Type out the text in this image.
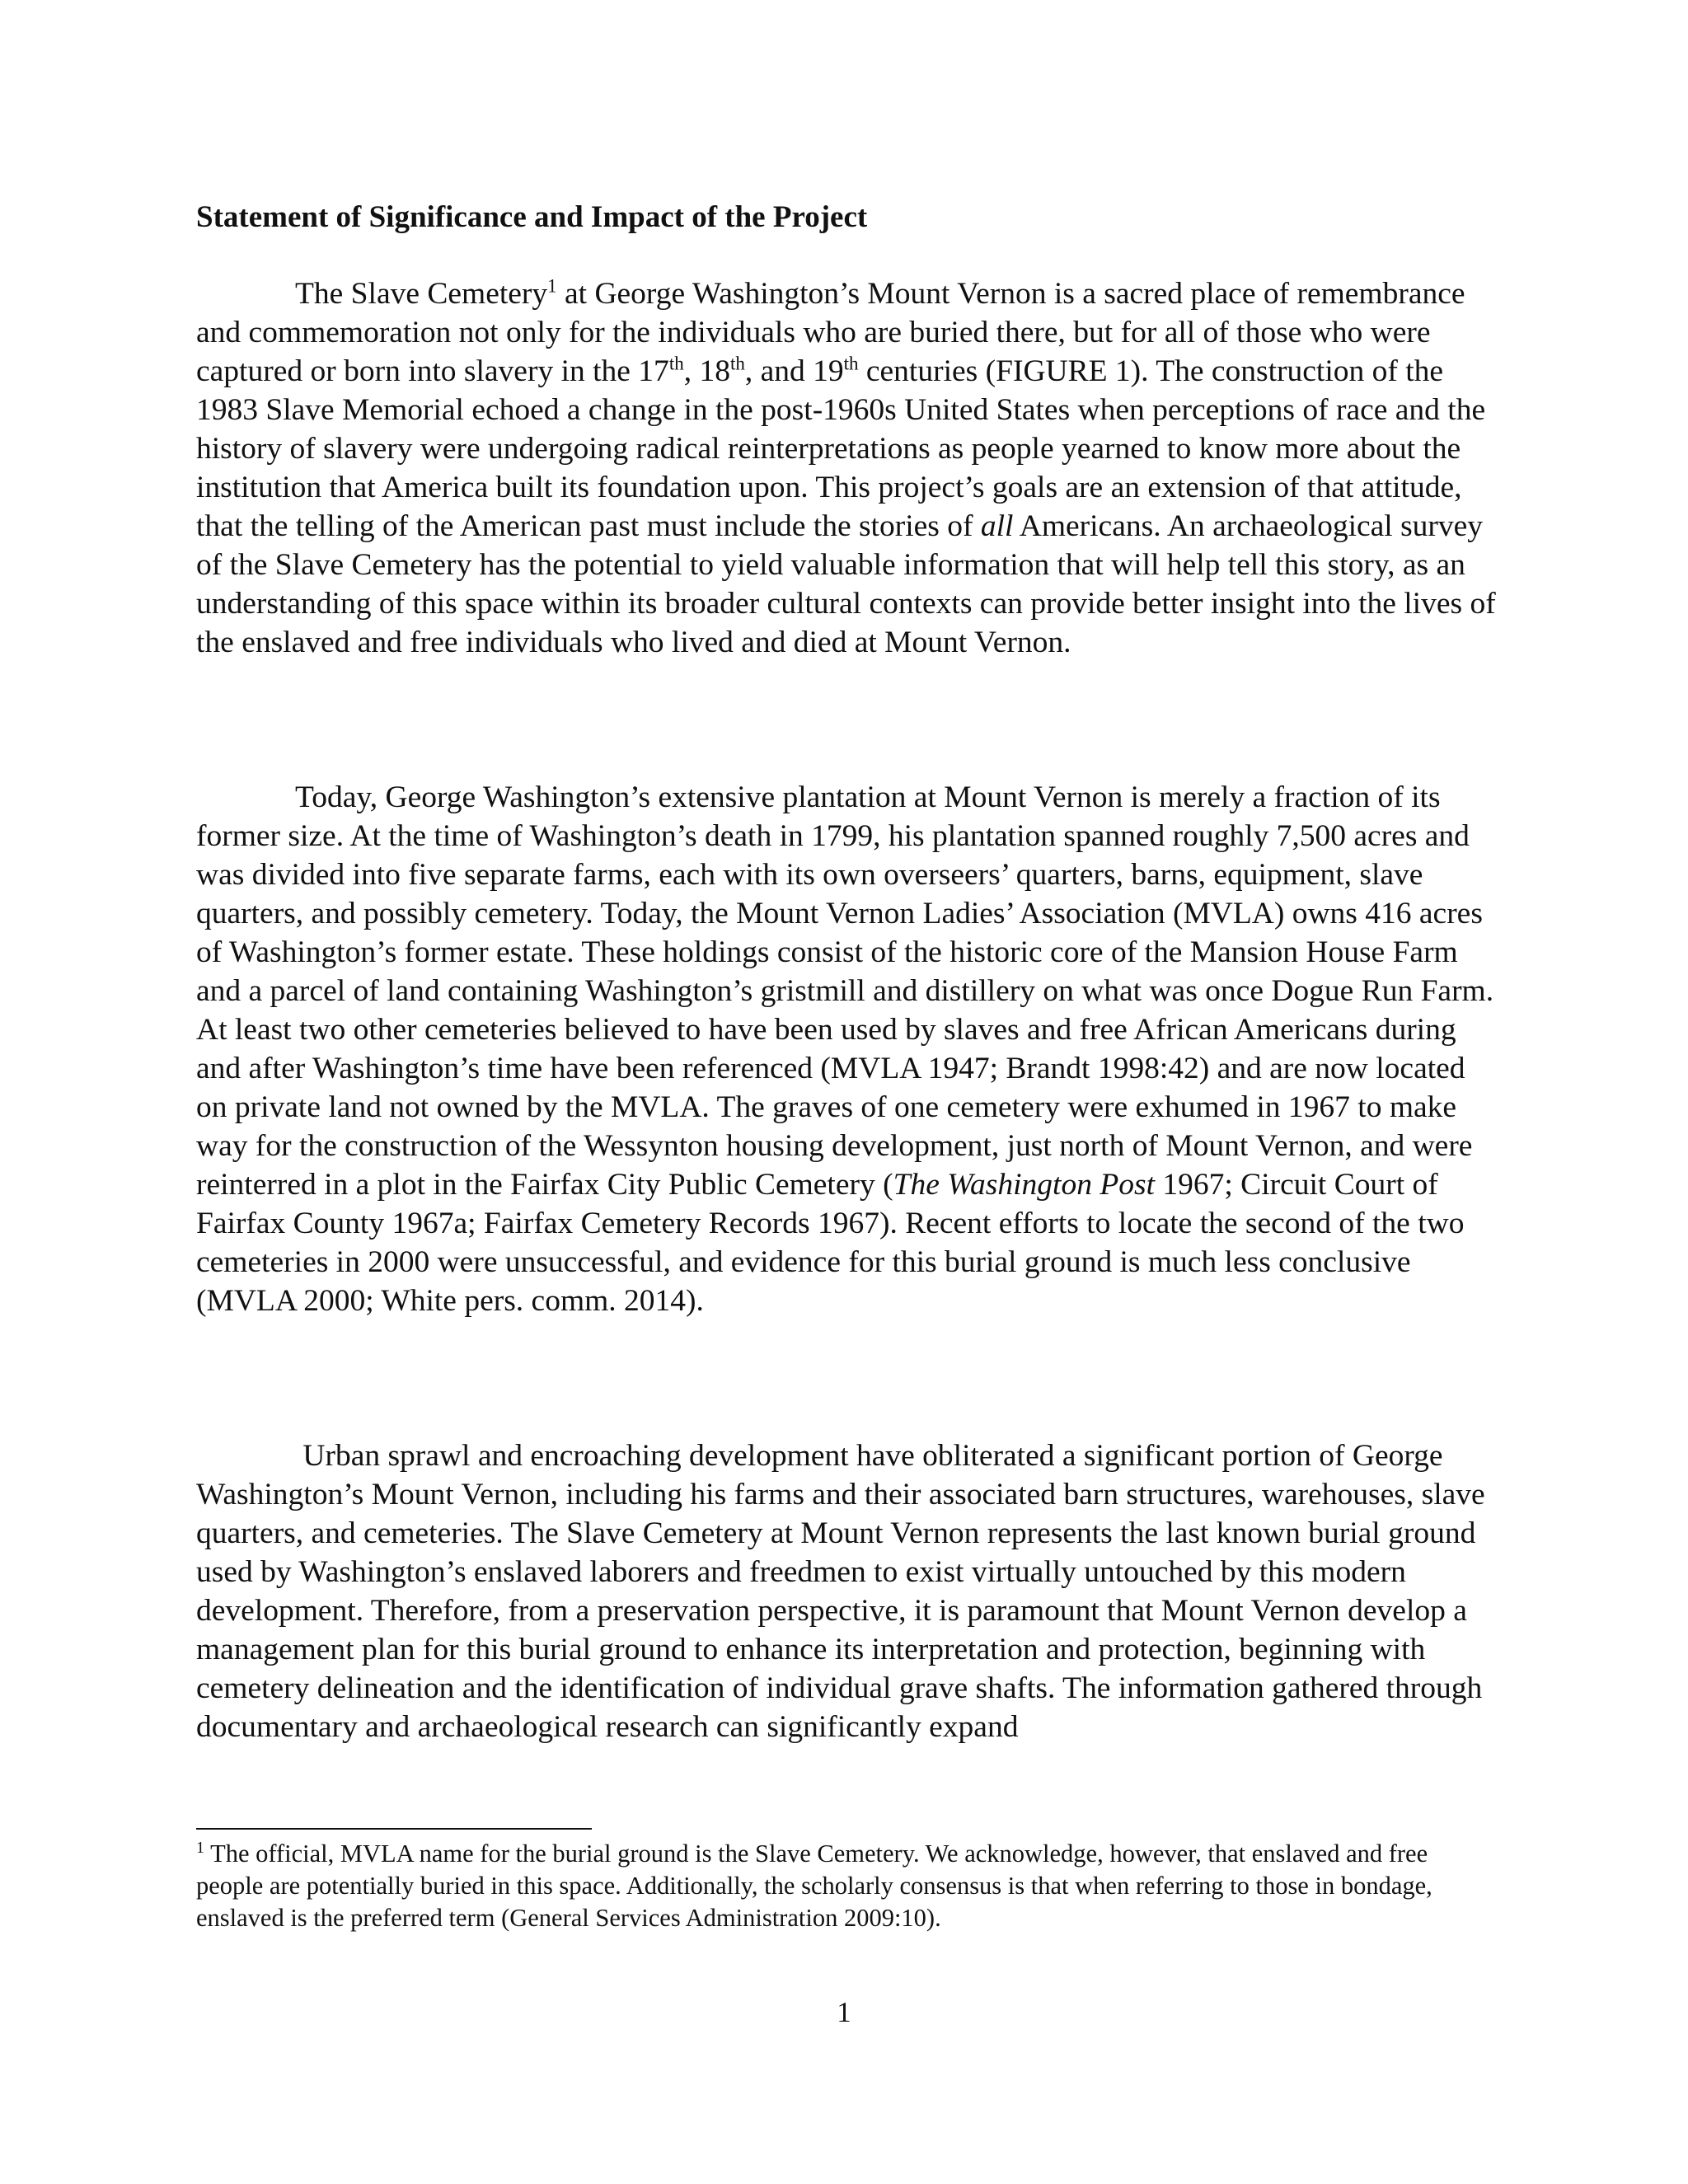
Statement of Significance and Impact of the Project

The Slave Cemetery$^1$ at George Washington’s Mount Vernon is a sacred place of remembrance and commemoration not only for the individuals who are buried there, but for all of those who were captured or born into slavery in the 17th, 18th, and 19th centuries (FIGURE 1). The construction of the 1983 Slave Memorial echoed a change in the post-1960s United States when perceptions of race and the history of slavery were undergoing radical reinterpretations as people yearned to know more about the institution that America built its foundation upon. This project’s goals are an extension of that attitude, that the telling of the American past must include the stories of all Americans. An archaeological survey of the Slave Cemetery has the potential to yield valuable information that will help tell this story, as an understanding of this space within its broader cultural contexts can provide better insight into the lives of the enslaved and free individuals who lived and died at Mount Vernon.

Today, George Washington’s extensive plantation at Mount Vernon is merely a fraction of its former size. At the time of Washington’s death in 1799, his plantation spanned roughly 7,500 acres and was divided into five separate farms, each with its own overseers’ quarters, barns, equipment, slave quarters, and possibly cemetery. Today, the Mount Vernon Ladies’ Association (MVLA) owns 416 acres of Washington’s former estate. These holdings consist of the historic core of the Mansion House Farm and a parcel of land containing Washington’s gristmill and distillery on what was once Dogue Run Farm. At least two other cemeteries believed to have been used by slaves and free African Americans during and after Washington’s time have been referenced (MVLA 1947; Brandt 1998:42) and are now located on private land not owned by the MVLA. The graves of one cemetery were exhumed in 1967 to make way for the construction of the Wessynton housing development, just north of Mount Vernon, and were reinterred in a plot in the Fairfax City Public Cemetery (The Washington Post 1967; Circuit Court of Fairfax County 1967a; Fairfax Cemetery Records 1967). Recent efforts to locate the second of the two cemeteries in 2000 were unsuccessful, and evidence for this burial ground is much less conclusive (MVLA 2000; White pers. comm. 2014).

Urban sprawl and encroaching development have obliterated a significant portion of George Washington’s Mount Vernon, including his farms and their associated barn structures, warehouses, slave quarters, and cemeteries. The Slave Cemetery at Mount Vernon represents the last known burial ground used by Washington’s enslaved laborers and freedmen to exist virtually untouched by this modern development. Therefore, from a preservation perspective, it is paramount that Mount Vernon develop a management plan for this burial ground to enhance its interpretation and protection, beginning with cemetery delineation and the identification of individual grave shafts. The information gathered through documentary and archaeological research can significantly expand

$^1$ The official, MVLA name for the burial ground is the Slave Cemetery. We acknowledge, however, that enslaved and free people are potentially buried in this space. Additionally, the scholarly consensus is that when referring to those in bondage, enslaved is the preferred term (General Services Administration 2009:10).

1
